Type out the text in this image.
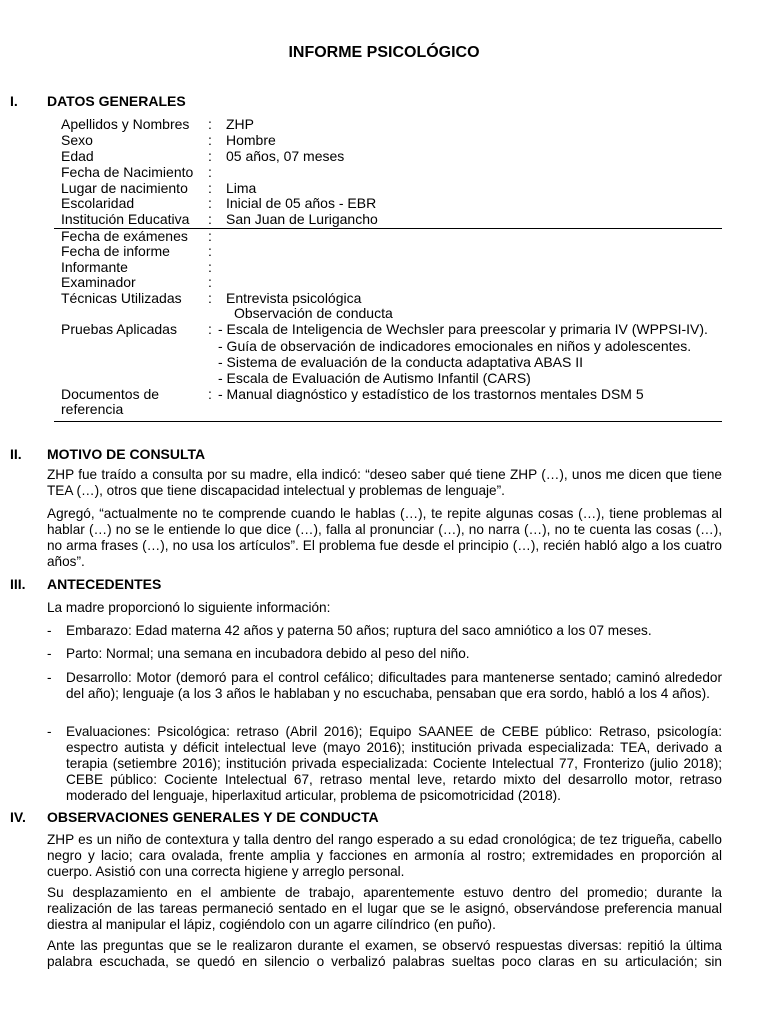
INFORME PSICOLÓGICO
I. DATOS GENERALES
Apellidos y Nombres : ZHP
Sexo	: Hombre
Edad	: 05 años, 07 meses
Fecha de Nacimiento :
Lugar de nacimiento : Lima
Escolaridad	: Inicial de 05 años - EBR
Institución Educativa : San Juan de Lurigancho
Fecha de exámenes :
Fecha de informe	:
Informante	:
Examinador	:
Técnicas Utilizadas : Entrevista psicológica
Observación de conducta
Pruebas Aplicadas : - Escala de Inteligencia de Wechsler para preescolar y primaria IV (WPPSI-IV).
- Guía de observación de indicadores emocionales en niños y adolescentes.
- Sistema de evaluación de la conducta adaptativa ABAS II
- Escala de Evaluación de Autismo Infantil (CARS)
Documentos de	: - Manual diagnóstico y estadístico de los trastornos mentales DSM 5
referencia
II. MOTIVO DE CONSULTA
ZHP fue traído a consulta por su madre, ella indicó: “deseo saber qué tiene ZHP (…), unos me dicen que tiene TEA (…), otros que tiene discapacidad intelectual y problemas de lenguaje”.
Agregó, “actualmente no te comprende cuando le hablas (…), te repite algunas cosas (…), tiene problemas al hablar (…) no se le entiende lo que dice (…), falla al pronunciar (…), no narra (…), no te cuenta las cosas (…), no arma frases (…), no usa los artículos”. El problema fue desde el principio (…), recién habló algo a los cuatro años”.
III. ANTECEDENTES
La madre proporcionó lo siguiente información:
- Embarazo: Edad materna 42 años y paterna 50 años; ruptura del saco amniótico a los 07 meses.
- Parto: Normal; una semana en incubadora debido al peso del niño.
- Desarrollo: Motor (demoró para el control cefálico; dificultades para mantenerse sentado; caminó alrededor del año); lenguaje (a los 3 años le hablaban y no escuchaba, pensaban que era sordo, habló a los 4 años).
- Evaluaciones: Psicológica: retraso (Abril 2016); Equipo SAANEE de CEBE público: Retraso, psicología: espectro autista y déficit intelectual leve (mayo 2016); institución privada especializada: TEA, derivado a terapia (setiembre 2016); institución privada especializada: Cociente Intelectual 77, Fronterizo (julio 2018); CEBE público: Cociente Intelectual 67, retraso mental leve, retardo mixto del desarrollo motor, retraso moderado del lenguaje, hiperlaxitud articular, problema de psicomotricidad (2018).
IV. OBSERVACIONES GENERALES Y DE CONDUCTA
ZHP es un niño de contextura y talla dentro del rango esperado a su edad cronológica; de tez trigueña, cabello negro y lacio; cara ovalada, frente amplia y facciones en armonía al rostro; extremidades en proporción al cuerpo. Asistió con una correcta higiene y arreglo personal.
Su desplazamiento en el ambiente de trabajo, aparentemente estuvo dentro del promedio; durante la realización de las tareas permaneció sentado en el lugar que se le asignó, observándose preferencia manual diestra al manipular el lápiz, cogiéndolo con un agarre cilíndrico (en puño).
Ante las preguntas que se le realizaron durante el examen, se observó respuestas diversas: repitió la última palabra escuchada, se quedó en silencio o verbalizó palabras sueltas poco claras en su articulación; sin
